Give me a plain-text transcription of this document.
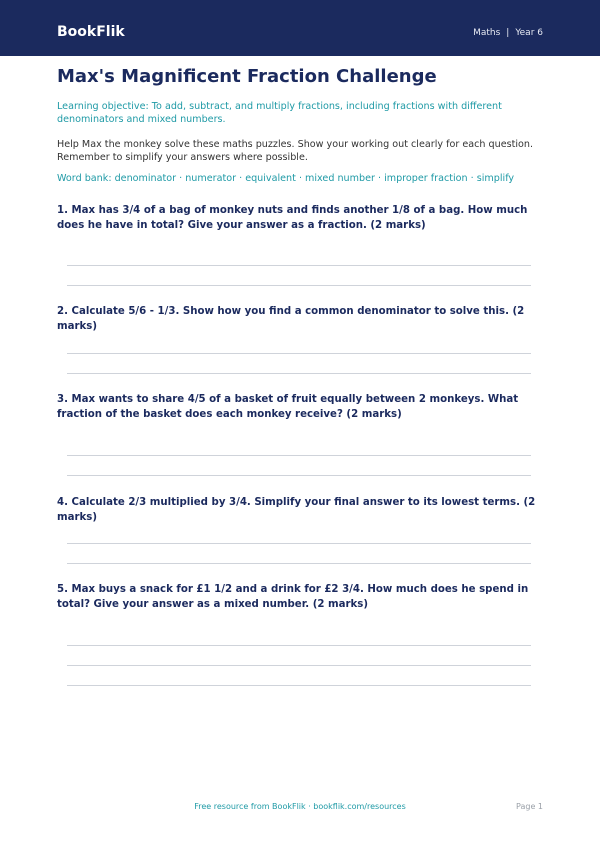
BookFlik	Maths | Year 6
Max's Magnificent Fraction Challenge
Learning objective: To add, subtract, and multiply fractions, including fractions with different denominators and mixed numbers.
Help Max the monkey solve these maths puzzles. Show your working out clearly for each question. Remember to simplify your answers where possible.
Word bank: denominator · numerator · equivalent · mixed number · improper fraction · simplify
1. Max has 3/4 of a bag of monkey nuts and finds another 1/8 of a bag. How much does he have in total? Give your answer as a fraction. (2 marks)
2. Calculate 5/6 - 1/3. Show how you find a common denominator to solve this. (2 marks)
3. Max wants to share 4/5 of a basket of fruit equally between 2 monkeys. What fraction of the basket does each monkey receive? (2 marks)
4. Calculate 2/3 multiplied by 3/4. Simplify your final answer to its lowest terms. (2 marks)
5. Max buys a snack for £1 1/2 and a drink for £2 3/4. How much does he spend in total? Give your answer as a mixed number. (2 marks)
Free resource from BookFlik · bookflik.com/resources	Page 1
